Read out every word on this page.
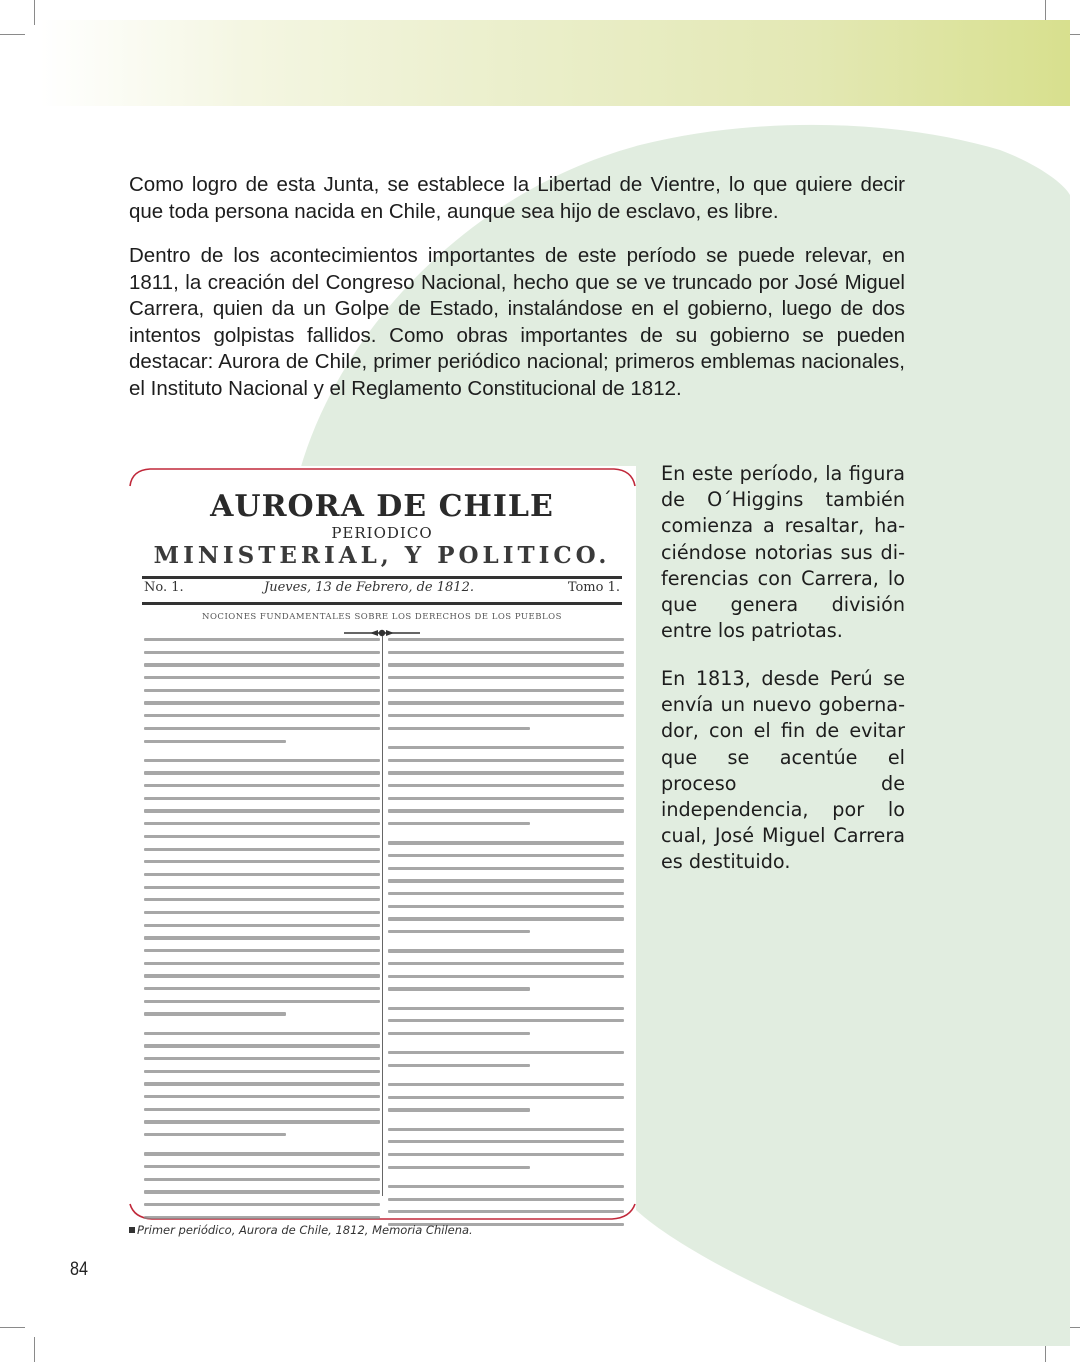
Como logro de esta Junta, se establece la Libertad de Vientre, lo que quiere decir que toda persona nacida en Chile, aunque sea hijo de esclavo, es libre.

Dentro de los acontecimientos importantes de este período se puede relevar, en 1811, la creación del Congreso Nacional, hecho que se ve truncado por José Miguel Carrera, quien da un Golpe de Estado, instalándose en el gobierno, luego de dos intentos golpistas fallidos. Como obras importantes de su gobierno se pueden destacar: Aurora de Chile, primer periódico nacional; primeros emblemas nacionales, el Instituto Nacional y el Reglamento Constitucional de 1812.

AURORA DE CHILE

PERIODICO

MINISTERIAL, Y POLITICO.

No. 1.	Jueves, 13 de Febrero, de 1812.	Tomo 1.
NOCIONES FUNDAMENTALES SOBRE LOS DERECHOS DE LOS PUEBLOS
Primer periódico, Aurora de Chile, 1812, Memoria Chilena.

En este período, la figura de O´Higgins también comienza a resaltar, haciéndose notorias sus diferencias con Carrera, lo que genera división entre los patriotas.

En 1813, desde Perú se envía un nuevo gobernador, con el fin de evitar que se acentúe el proceso de independencia, por lo cual, José Miguel Carrera es destituido.

84
